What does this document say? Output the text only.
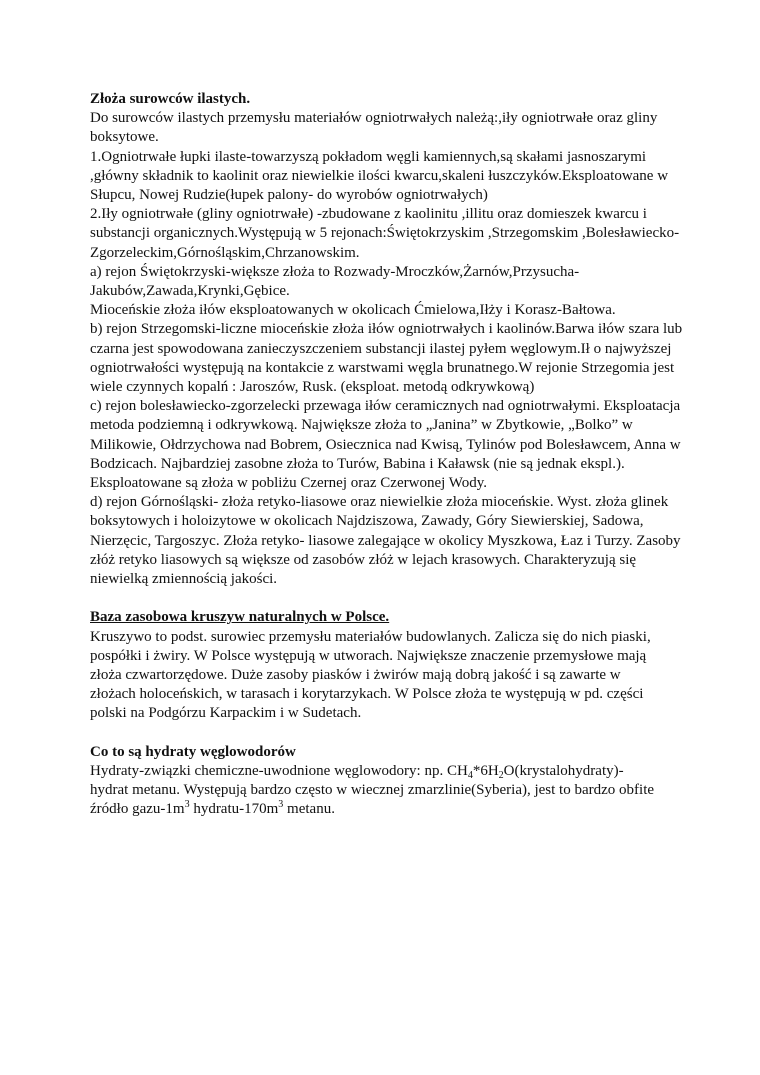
Złoża surowców ilastych.
Do surowców ilastych przemysłu materiałów ogniotrwałych należą:,iły ogniotrwałe oraz gliny
boksytowe.
1.Ogniotrwałe łupki ilaste-towarzyszą pokładom węgli kamiennych,są skałami jasnoszarymi
,główny składnik to kaolinit oraz niewielkie ilości kwarcu,skaleni łuszczyków.Eksploatowane w
Słupcu, Nowej Rudzie(łupek palony- do wyrobów ogniotrwałych)
2.Iły ogniotrwałe (gliny ogniotrwałe) -zbudowane z kaolinitu ,illitu oraz domieszek kwarcu i
substancji organicznych.Występują w 5 rejonach:Świętokrzyskim ,Strzegomskim ,Bolesławiecko-
Zgorzeleckim,Górnośląskim,Chrzanowskim.
a) rejon Świętokrzyski-większe złoża to Rozwady-Mroczków,Żarnów,Przysucha-
Jakubów,Zawada,Krynki,Gębice.
Mioceńskie złoża iłów eksploatowanych w okolicach Ćmielowa,Iłży i Korasz-Bałtowa.
b) rejon Strzegomski-liczne mioceńskie złoża iłów ogniotrwałych i kaolinów.Barwa iłów szara lub
czarna jest spowodowana zanieczyszczeniem substancji ilastej pyłem węglowym.Ił o najwyższej
ogniotrwałości występują na kontakcie z warstwami węgla brunatnego.W rejonie Strzegomia jest
wiele czynnych kopalń : Jaroszów, Rusk. (eksploat. metodą odkrywkową)
c) rejon bolesławiecko-zgorzelecki przewaga iłów ceramicznych nad ogniotrwałymi. Eksploatacja
metoda podziemną i odkrywkową. Największe złoża to „Janina” w Zbytkowie, „Bolko” w
Milikowie, Ołdrzychowa nad Bobrem, Osiecznica nad Kwisą, Tylinów pod Bolesławcem, Anna w
Bodzicach. Najbardziej zasobne złoża to Turów, Babina i Kaławsk (nie są jednak ekspl.).
Eksploatowane są złoża w pobliżu Czernej oraz Czerwonej Wody.
d) rejon Górnośląski- złoża retyko-liasowe oraz niewielkie złoża mioceńskie. Wyst. złoża glinek
boksytowych i holoizytowe w okolicach Najdziszowa, Zawady, Góry Siewierskiej, Sadowa,
Nierzęcic, Targoszyc. Złoża retyko- liasowe zalegające w okolicy Myszkowa, Łaz i Turzy. Zasoby
złóż retyko liasowych są większe od zasobów złóż w lejach krasowych. Charakteryzują się
niewielką zmiennością jakości.
Baza zasobowa kruszyw naturalnych w Polsce.
Kruszywo to podst. surowiec przemysłu materiałów budowlanych. Zalicza się do nich piaski,
pospółki i żwiry. W Polsce występują w utworach. Największe znaczenie przemysłowe mają
złoża czwartorzędowe. Duże zasoby piasków i żwirów mają dobrą jakość i są zawarte w
złożach holoceńskich, w tarasach i korytarzykach. W Polsce złoża te występują w pd. części
polski na Podgórzu Karpackim i w Sudetach.
Co to są hydraty węglowodorów
Hydraty-związki chemiczne-uwodnione węglowodory: np. $CH_4*6H_2O(krystalohydraty)-$
hydrat metanu. Występują bardzo często w wiecznej zmarzlinie(Syberia), jest to bardzo obfite
źródło gazu-$1m^3$ hydratu-$170m^3$ metanu.
